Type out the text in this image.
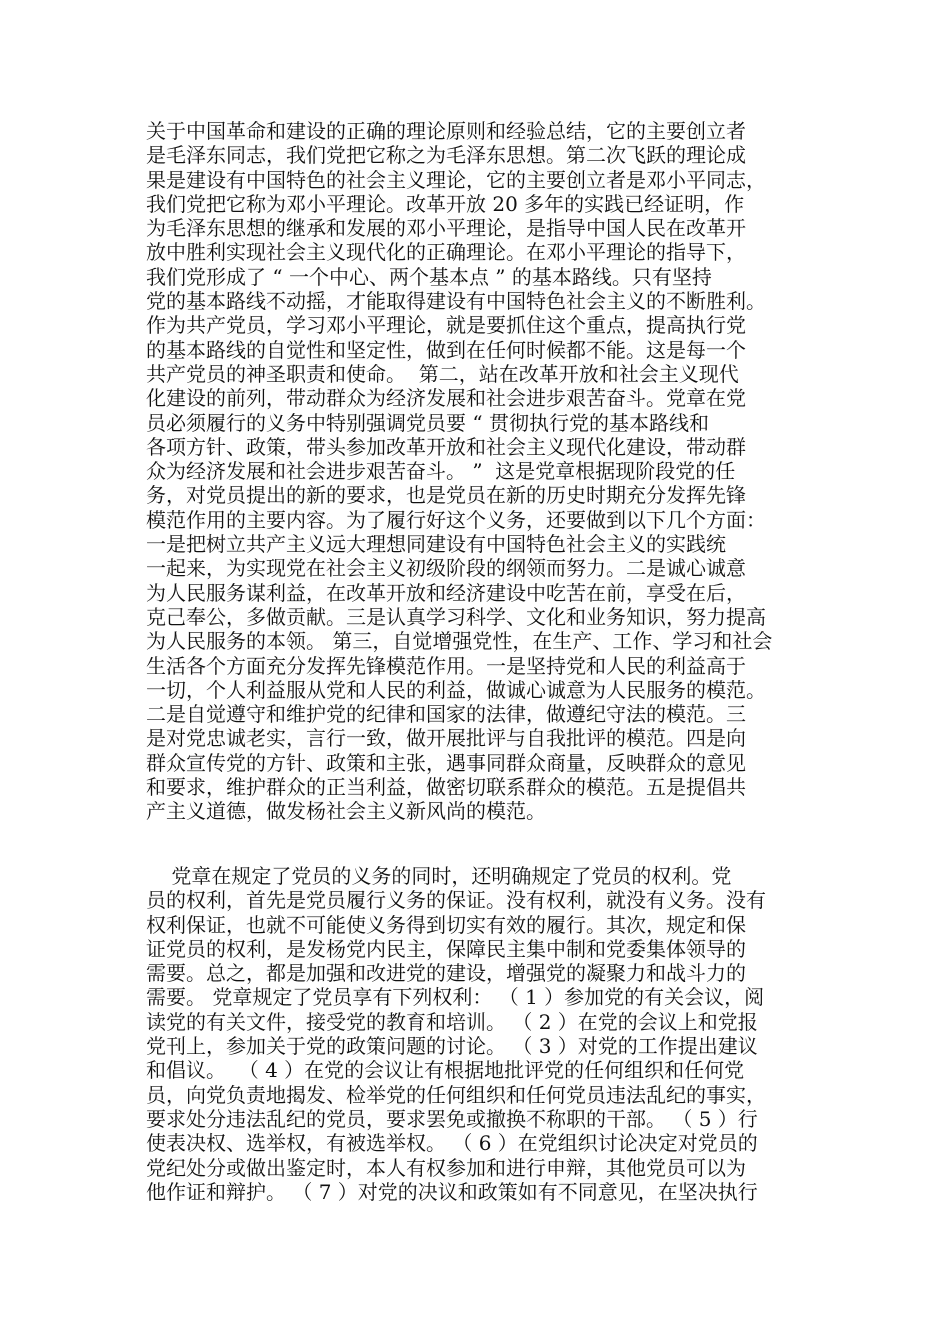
关于中国革命和建设的正确的理论原则和经验总结，它的主要创立者
是毛泽东同志，我们党把它称之为毛泽东思想。第二次飞跃的理论成
果是建设有中国特色的社会主义理论，它的主要创立者是邓小平同志，
我们党把它称为邓小平理论。改革开放 20 多年的实践已经证明，作
为毛泽东思想的继承和发展的邓小平理论，是指导中国人民在改革开
放中胜利实现社会主义现代化的正确理论。在邓小平理论的指导下，
我们党形成了 “ 一个中心、两个基本点 ” 的基本路线。只有坚持
党的基本路线不动摇，才能取得建设有中国特色社会主义的不断胜利。
作为共产党员，学习邓小平理论，就是要抓住这个重点，提高执行党
的基本路线的自觉性和坚定性，做到在任何时候都不能。这是每一个
共产党员的神圣职责和使命。  第二，站在改革开放和社会主义现代
化建设的前列，带动群众为经济发展和社会进步艰苦奋斗。党章在党
员必须履行的义务中特别强调党员要 “ 贯彻执行党的基本路线和
各项方针、政策，带头参加改革开放和社会主义现代化建设，带动群
众为经济发展和社会进步艰苦奋斗。 ”  这是党章根据现阶段党的任
务，对党员提出的新的要求，也是党员在新的历史时期充分发挥先锋
模范作用的主要内容。为了履行好这个义务，还要做到以下几个方面：
一是把树立共产主义远大理想同建设有中国特色社会主义的实践统
一起来，为实现党在社会主义初级阶段的纲领而努力。二是诚心诚意
为人民服务谋利益，在改革开放和经济建设中吃苦在前，享受在后，
克己奉公，多做贡献。三是认真学习科学、文化和业务知识，努力提高
为人民服务的本领。 第三，自觉增强党性，在生产、工作、学习和社会
生活各个方面充分发挥先锋模范作用。一是坚持党和人民的利益高于
一切，个人利益服从党和人民的利益，做诚心诚意为人民服务的模范。
二是自觉遵守和维护党的纪律和国家的法律，做遵纪守法的模范。三
是对党忠诚老实，言行一致，做开展批评与自我批评的模范。四是向
群众宣传党的方针、政策和主张，遇事同群众商量，反映群众的意见
和要求，维护群众的正当利益，做密切联系群众的模范。五是提倡共
产主义道德，做发杨社会主义新风尚的模范。
党章在规定了党员的义务的同时，还明确规定了党员的权利。党
员的权利，首先是党员履行义务的保证。没有权利，就没有义务。没有
权利保证，也就不可能使义务得到切实有效的履行。其次，规定和保
证党员的权利，是发杨党内民主，保障民主集中制和党委集体领导的
需要。总之，都是加强和改进党的建设，增强党的凝聚力和战斗力的
需要。 党章规定了党员享有下列权利： （ 1 ）参加党的有关会议，阅
读党的有关文件，接受党的教育和培训。 （ 2 ）在党的会议上和党报
党刊上，参加关于党的政策问题的讨论。 （ 3 ）对党的工作提出建议
和倡议。  （ 4 ）在党的会议让有根据地批评党的任何组织和任何党
员，向党负责地揭发、检举党的任何组织和任何党员违法乱纪的事实，
要求处分违法乱纪的党员，要求罢免或撤换不称职的干部。 （ 5 ）行
使表决权、选举权，有被选举权。 （ 6 ）在党组织讨论决定对党员的
党纪处分或做出鉴定时，本人有权参加和进行申辩，其他党员可以为
他作证和辩护。 （ 7 ）对党的决议和政策如有不同意见，在坚决执行
